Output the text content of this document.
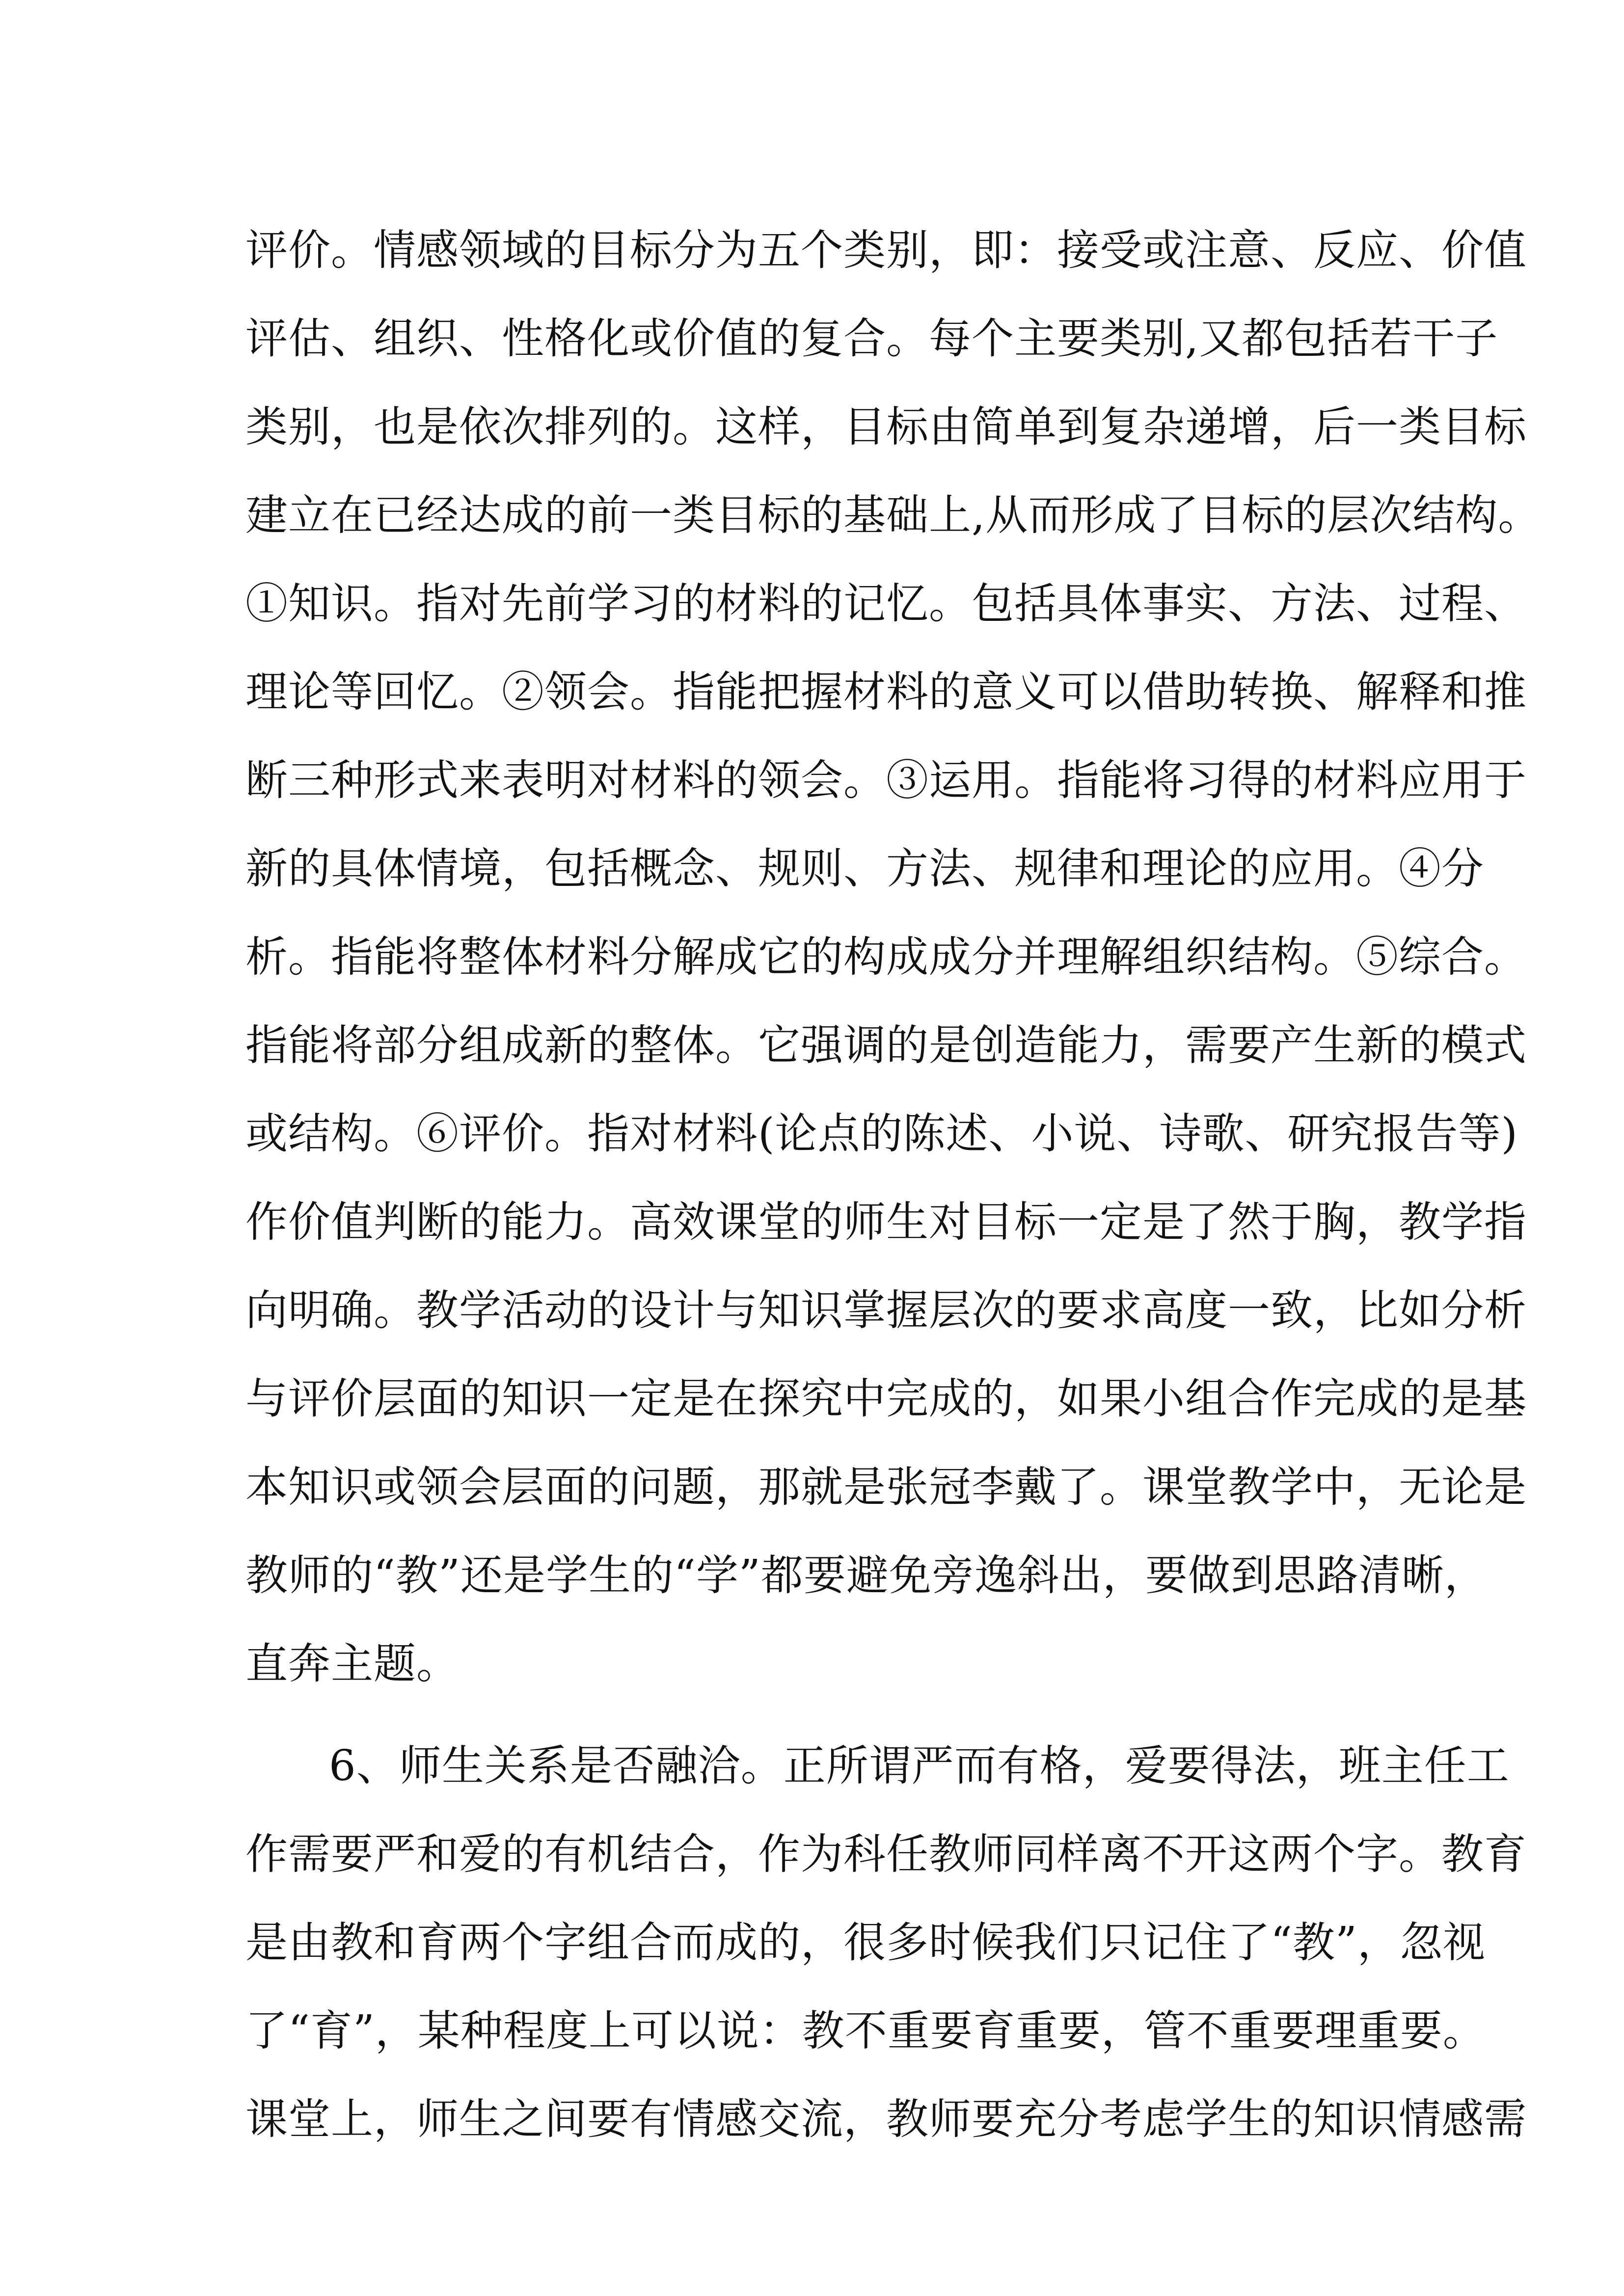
评价。情感领域的目标分为五个类别，即：接受或注意、反应、价值
评估、组织、性格化或价值的复合。每个主要类别,又都包括若干子
类别，也是依次排列的。这样，目标由简单到复杂递增，后一类目标
建立在已经达成的前一类目标的基础上,从而形成了目标的层次结构。
①知识。指对先前学习的材料的记忆。包括具体事实、方法、过程、
理论等回忆。②领会。指能把握材料的意义可以借助转换、解释和推
断三种形式来表明对材料的领会。③运用。指能将习得的材料应用于
新的具体情境，包括概念、规则、方法、规律和理论的应用。④分
析。指能将整体材料分解成它的构成成分并理解组织结构。⑤综合。
指能将部分组成新的整体。它强调的是创造能力，需要产生新的模式
或结构。⑥评价。指对材料(论点的陈述、小说、诗歌、研究报告等)
作价值判断的能力。高效课堂的师生对目标一定是了然于胸，教学指
向明确。教学活动的设计与知识掌握层次的要求高度一致，比如分析
与评价层面的知识一定是在探究中完成的，如果小组合作完成的是基
本知识或领会层面的问题，那就是张冠李戴了。课堂教学中，无论是
教师的“教”还是学生的“学”都要避免旁逸斜出，要做到思路清晰，
直奔主题。
6、师生关系是否融洽。正所谓严而有格，爱要得法，班主任工
作需要严和爱的有机结合，作为科任教师同样离不开这两个字。教育
是由教和育两个字组合而成的，很多时候我们只记住了“教”，忽视
了“育”，某种程度上可以说：教不重要育重要，管不重要理重要。
课堂上，师生之间要有情感交流，教师要充分考虑学生的知识情感需
